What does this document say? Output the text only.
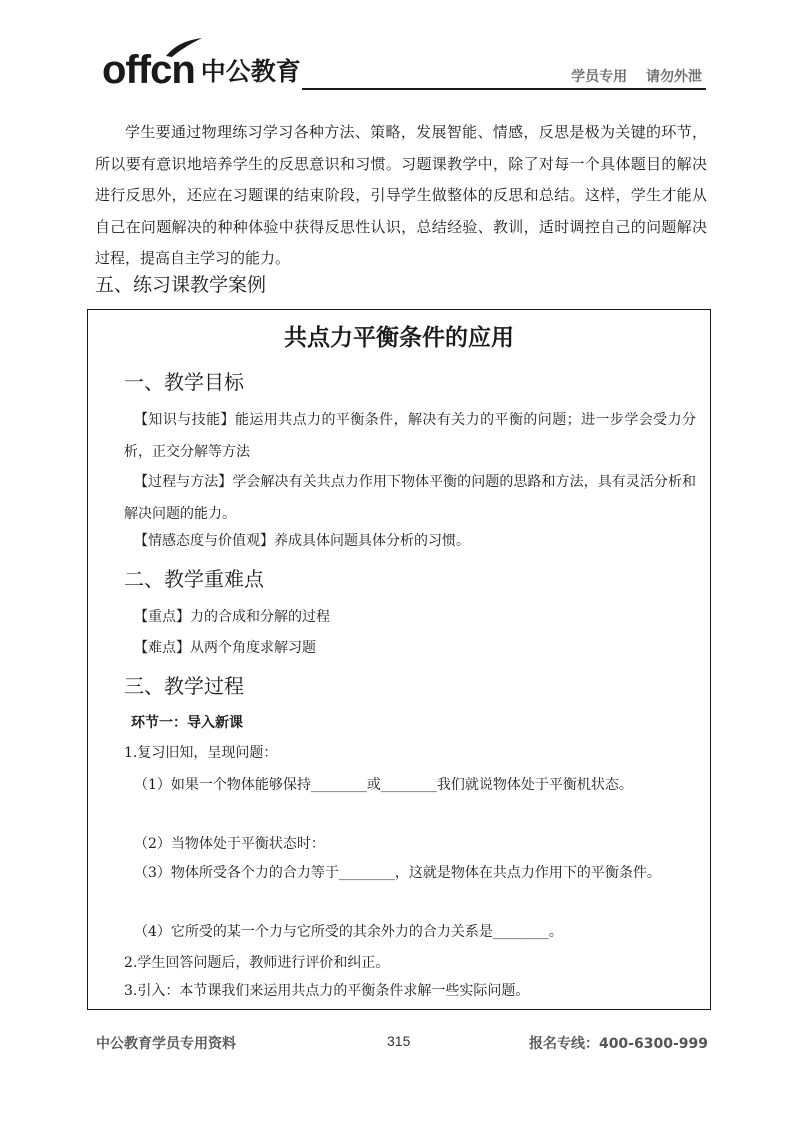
offcn 中公教育	学员专用 请勿外泄
学生要通过物理练习学习各种方法、策略，发展智能、情感，反思是极为关键的环节，所以要有意识地培养学生的反思意识和习惯。习题课教学中，除了对每一个具体题目的解决进行反思外，还应在习题课的结束阶段，引导学生做整体的反思和总结。这样，学生才能从自己在问题解决的种种体验中获得反思性认识，总结经验、教训，适时调控自己的问题解决过程，提高自主学习的能力。
五、练习课教学案例
共点力平衡条件的应用
一、教学目标
【知识与技能】能运用共点力的平衡条件，解决有关力的平衡的问题；进一步学会受力分析，正交分解等方法
【过程与方法】学会解决有关共点力作用下物体平衡的问题的思路和方法，具有灵活分析和解决问题的能力。
【情感态度与价值观】养成具体问题具体分析的习惯。
二、教学重难点
【重点】力的合成和分解的过程
【难点】从两个角度求解习题
三、教学过程
环节一：导入新课
1.复习旧知，呈现问题：
（1）如果一个物体能够保持________或________我们就说物体处于平衡机状态。
（2）当物体处于平衡状态时：
（3）物体所受各个力的合力等于________，这就是物体在共点力作用下的平衡条件。
（4）它所受的某一个力与它所受的其余外力的合力关系是________。
2.学生回答问题后，教师进行评价和纠正。
3.引入：本节课我们来运用共点力的平衡条件求解一些实际问题。
中公教育学员专用资料	315	报名专线：400-6300-999
